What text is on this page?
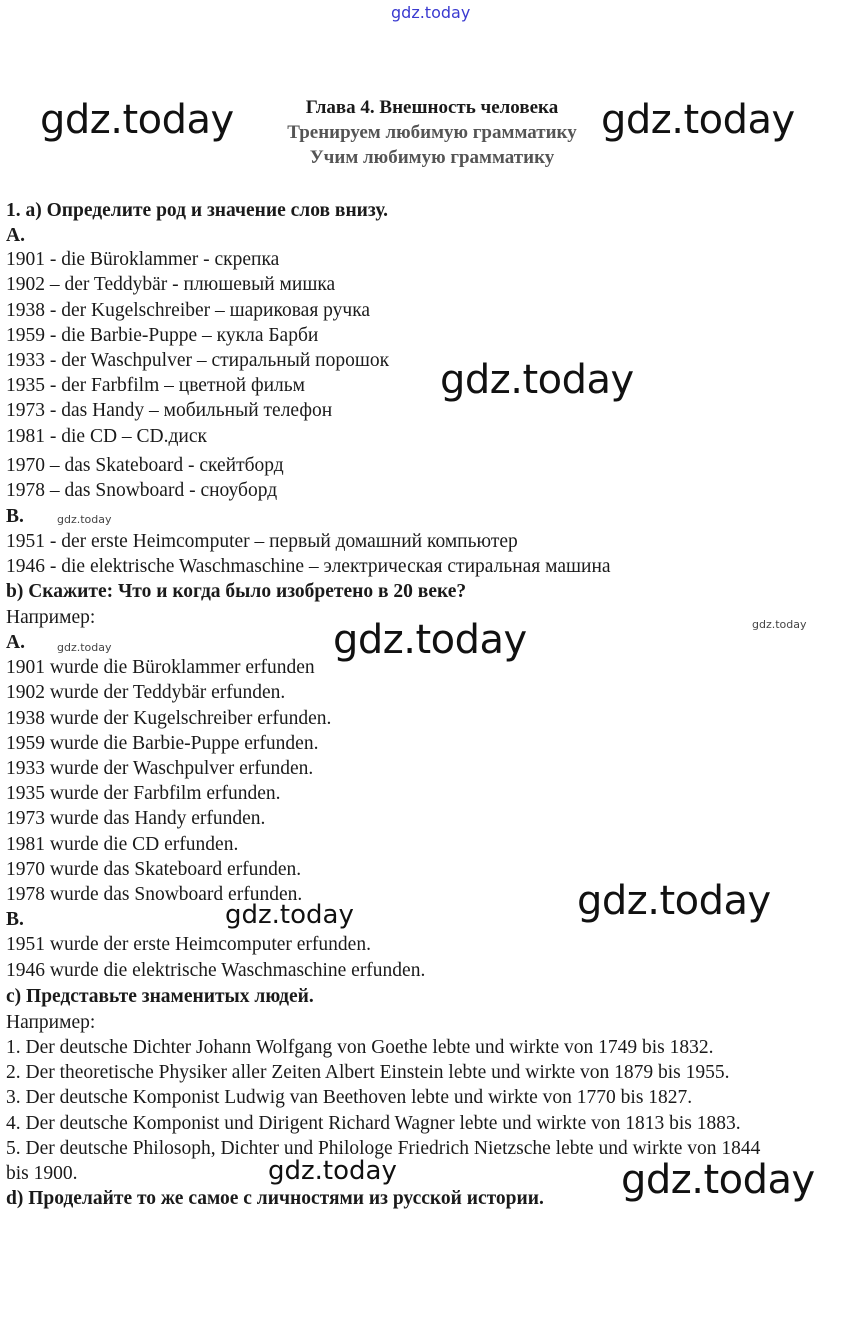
Глава 4. Внешность человека
Тренируем любимую грамматику
Учим любимую грамматику
1. а) Определите род и значение слов внизу.
A.
1901 - die Büroklammer - скрепка
1902 – der Teddybär - плюшевый мишка
1938 - der Kugelschreiber – шариковая ручка
1959 - die Barbie-Puppe – кукла Барби
1933 - der Waschpulver – стиральный порошок
1935 - der Farbfilm – цветной фильм
1973 - das Handy – мобильный телефон
1981 - die CD – CD.диск
1970 – das Skateboard - скейтборд
1978 – das Snowboard - сноуборд
B.
1951 - der erste Heimcomputer – первый домашний компьютер
1946 - die elektrische Waschmaschine – электрическая стиральная машина
b) Скажите: Что и когда было изобретено в 20 веке?
Например:
A.
1901 wurde die Büroklammer erfunden
1902 wurde der Teddybär erfunden.
1938 wurde der Kugelschreiber erfunden.
1959 wurde die Barbie-Puppe erfunden.
1933 wurde der Waschpulver erfunden.
1935 wurde der Farbfilm erfunden.
1973 wurde das Handy erfunden.
1981 wurde die CD erfunden.
1970 wurde das Skateboard erfunden.
1978 wurde das Snowboard erfunden.
B.
1951 wurde der erste Heimcomputer erfunden.
1946 wurde die elektrische Waschmaschine erfunden.
c) Представьте знаменитых людей.
Например:
1. Der deutsche Dichter Johann Wolfgang von Goethe lebte und wirkte von 1749 bis 1832.
2. Der theoretische Physiker aller Zeiten Albert Einstein lebte und wirkte von 1879 bis 1955.
3. Der deutsche Komponist Ludwig van Beethoven lebte und wirkte von 1770 bis 1827.
4. Der deutsche Komponist und Dirigent Richard Wagner lebte und wirkte von 1813 bis 1883.
5. Der deutsche Philosoph, Dichter und Philologe Friedrich Nietzsche lebte und wirkte von 1844
bis 1900.
d) Проделайте то же самое с личностями из русской истории.
gdz.today
gdz.today	gdz.today
gdz.today
gdz.today
gdz.today
gdz.today
gdz.today
gdz.today
gdz.today
gdz.today	gdz.today
